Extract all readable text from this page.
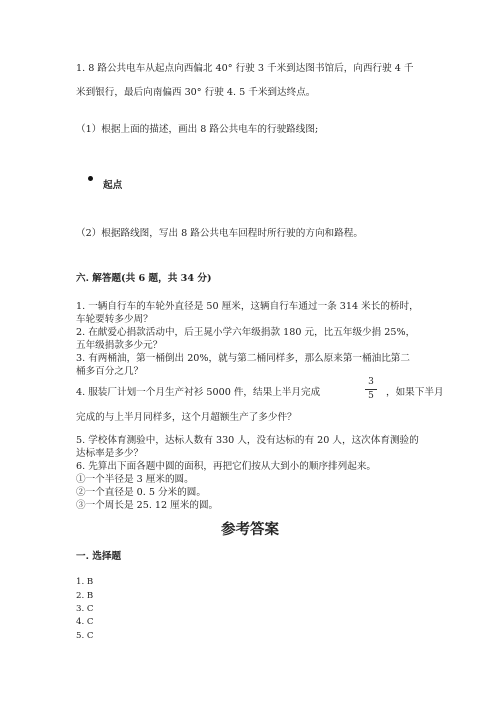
1. 8 路公共电车从起点向西偏北 40° 行驶 3 千米到达图书馆后，向西行驶 4 千
米到银行，最后向南偏西 30° 行驶 4. 5 千米到达终点。
（1）根据上面的描述，画出 8 路公共电车的行驶路线图;
起点
（2）根据路线图，写出 8 路公共电车回程时所行驶的方向和路程。
六. 解答题(共 6 题，共 34 分)
1. 一辆自行车的车轮外直径是 50 厘米，这辆自行车通过一条 314 米长的桥时，
车轮要转多少周？
2. 在献爱心捐款活动中，后王晁小学六年级捐款 180 元，比五年级少捐 25%，
五年级捐款多少元？
3. 有两桶油，第一桶倒出 20%，就与第二桶同样多，那么原来第一桶油比第二
桶多百分之几？
4. 服装厂计划一个月生产衬衫 5000 件，结果上半月完成
3
5	，如果下半月
完成的与上半月同样多，这个月超额生产了多少件？
5. 学校体育测验中，达标人数有 330 人，没有达标的有 20 人，这次体育测验的
达标率是多少？
6. 先算出下面各题中圆的面积，再把它们按从大到小的顺序排列起来。
①一个半径是 3 厘米的圆。
②一个直径是 0. 5 分米的圆。
③一个周长是 25. 12 厘米的圆。
参考答案
一. 选择题
1. B
2. B
3. C
4. C
5. C
